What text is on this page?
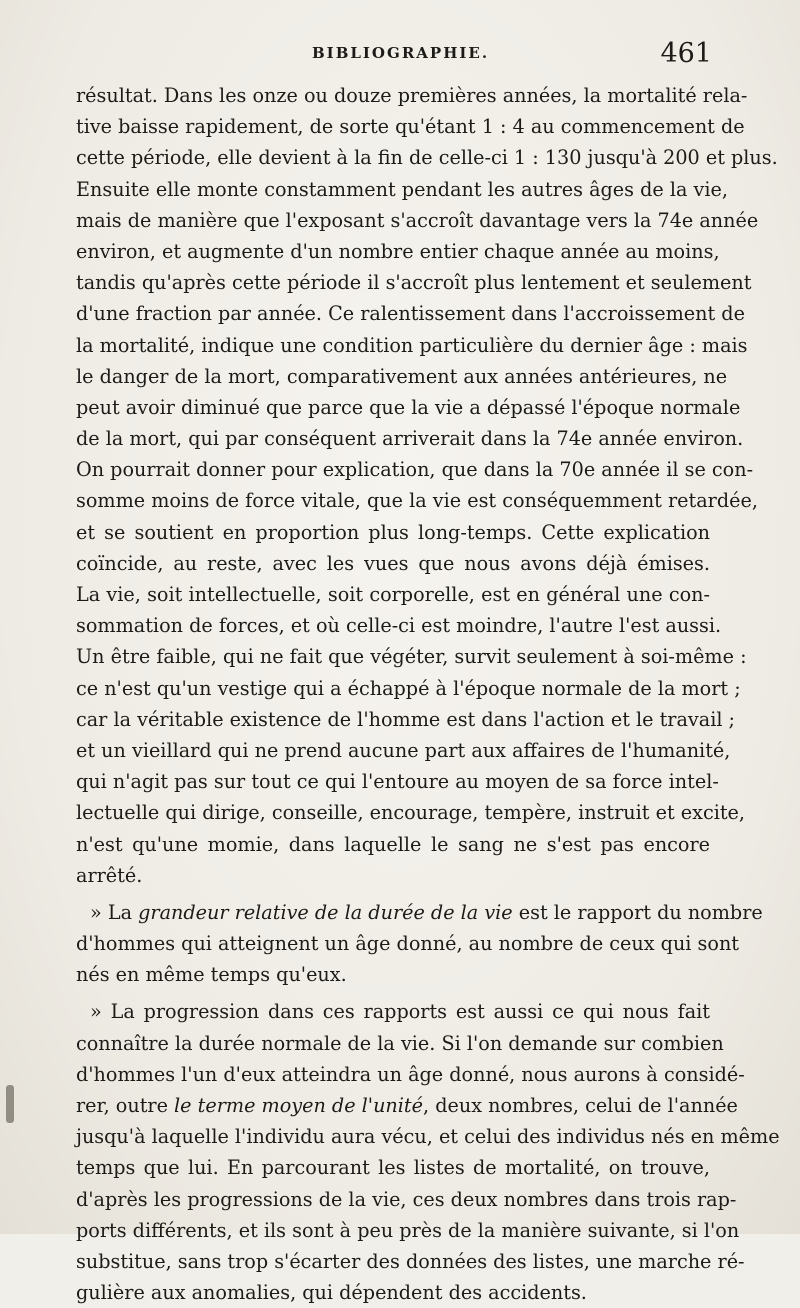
BIBLIOGRAPHIE.	461
résultat. Dans les onze ou douze premières années, la mortalité rela-
tive baisse rapidement, de sorte qu'étant 1 : 4 au commencement de
cette période, elle devient à la fin de celle-ci 1 : 130 jusqu'à 200 et plus.
Ensuite elle monte constamment pendant les autres âges de la vie,
mais de manière que l'exposant s'accroît davantage vers la 74e année
environ, et augmente d'un nombre entier chaque année au moins,
tandis qu'après cette période il s'accroît plus lentement et seulement
d'une fraction par année. Ce ralentissement dans l'accroissement de
la mortalité, indique une condition particulière du dernier âge : mais
le danger de la mort, comparativement aux années antérieures, ne
peut avoir diminué que parce que la vie a dépassé l'époque normale
de la mort, qui par conséquent arriverait dans la 74e année environ.
On pourrait donner pour explication, que dans la 70e année il se con-
somme moins de force vitale, que la vie est conséquemment retardée,
et se soutient en proportion plus long-temps. Cette explication
coïncide, au reste, avec les vues que nous avons déjà émises.
La vie, soit intellectuelle, soit corporelle, est en général une con-
sommation de forces, et où celle-ci est moindre, l'autre l'est aussi.
Un être faible, qui ne fait que végéter, survit seulement à soi-même :
ce n'est qu'un vestige qui a échappé à l'époque normale de la mort ;
car la véritable existence de l'homme est dans l'action et le travail ;
et un vieillard qui ne prend aucune part aux affaires de l'humanité,
qui n'agit pas sur tout ce qui l'entoure au moyen de sa force intel-
lectuelle qui dirige, conseille, encourage, tempère, instruit et excite,
n'est qu'une momie, dans laquelle le sang ne s'est pas encore
arrêté.
» La grandeur relative de la durée de la vie est le rapport du nombre
d'hommes qui atteignent un âge donné, au nombre de ceux qui sont
nés en même temps qu'eux.
» La progression dans ces rapports est aussi ce qui nous fait
connaître la durée normale de la vie. Si l'on demande sur combien
d'hommes l'un d'eux atteindra un âge donné, nous aurons à considé-
rer, outre le terme moyen de l'unité, deux nombres, celui de l'année
jusqu'à laquelle l'individu aura vécu, et celui des individus nés en même
temps que lui. En parcourant les listes de mortalité, on trouve,
d'après les progressions de la vie, ces deux nombres dans trois rap-
ports différents, et ils sont à peu près de la manière suivante, si l'on
substitue, sans trop s'écarter des données des listes, une marche ré-
gulière aux anomalies, qui dépendent des accidents.
